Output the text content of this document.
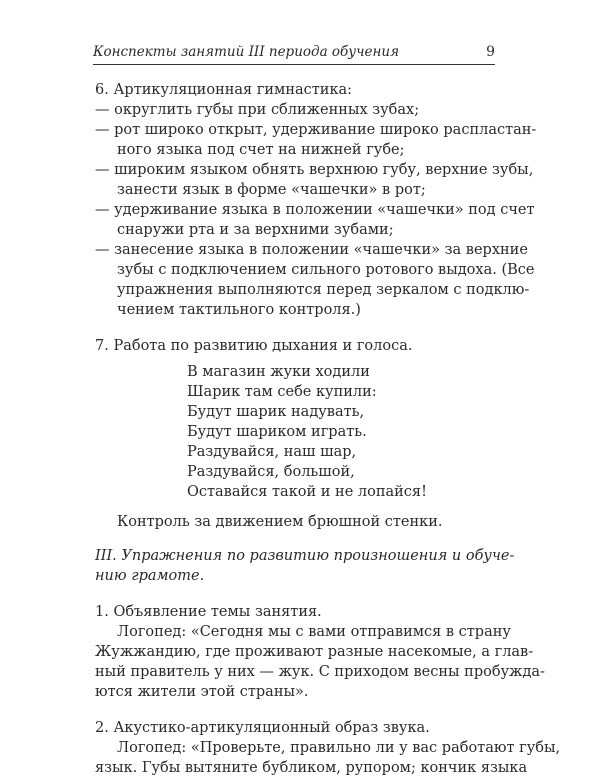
Конспекты занятий III периода обучения	9
6. Артикуляционная гимнастика:
— округлить губы при сближенных зубах;
— рот широко открыт, удерживание широко распластан-
ного языка под счет на нижней губе;
— широким языком обнять верхнюю губу, верхние зубы,
занести язык в форме «чашечки» в рот;
— удерживание языка в положении «чашечки» под счет
снаружи рта и за верхними зубами;
— занесение языка в положении «чашечки» за верхние
зубы с подключением сильного ротового выдоха. (Все
упражнения выполняются перед зеркалом с подклю-
чением тактильного контроля.)
7. Работа по развитию дыхания и голоса.
В магазин жуки ходили
Шарик там себе купили:
Будут шарик надувать,
Будут шариком играть.
Раздувайся, наш шар,
Раздувайся, большой,
Оставайся такой и не лопайся!
Контроль за движением брюшной стенки.
III. Упражнения по развитию произношения и обучe-
нию грамоте.
1. Объявление темы занятия.
Логопед: «Сегодня мы с вами отправимся в страну
Жужжандию, где проживают разные насекомые, а глав-
ный правитель у них — жук. С приходом весны пробужда-
ются жители этой страны».
2. Акустико-артикуляционный образ звука.
Логопед: «Проверьте, правильно ли у вас работают губы,
язык. Губы вытяните бубликом, рупором; кончик языка
